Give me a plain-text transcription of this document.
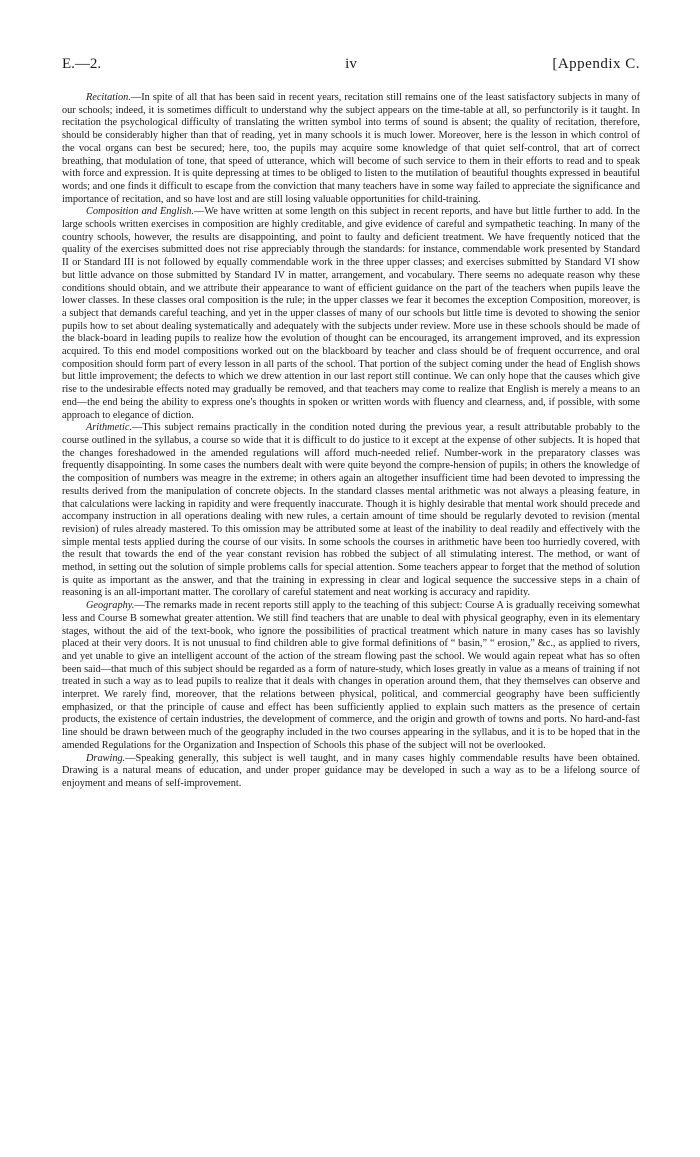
E.—2.	iv	[Appendix C.

Recitation.—In spite of all that has been said in recent years, recitation still remains one of the least satisfactory subjects in many of our schools; indeed, it is sometimes difficult to understand why the subject appears on the time-table at all, so perfunctorily is it taught. In recitation the psychological difficulty of translating the written symbol into terms of sound is absent; the quality of recitation, therefore, should be considerably higher than that of reading, yet in many schools it is much lower. Moreover, here is the lesson in which control of the vocal organs can best be secured; here, too, the pupils may acquire some knowledge of that quiet self-control, that art of correct breathing, that modulation of tone, that speed of utterance, which will become of such service to them in their efforts to read and to speak with force and expression. It is quite depressing at times to be obliged to listen to the mutilation of beautiful thoughts expressed in beautiful words; and one finds it difficult to escape from the conviction that many teachers have in some way failed to appreciate the significance and importance of recitation, and so have lost and are still losing valuable opportunities for child-training.

Composition and English.—We have written at some length on this subject in recent reports, and have but little further to add. In the large schools written exercises in composition are highly creditable, and give evidence of careful and sympathetic teaching. In many of the country schools, however, the results are disappointing, and point to faulty and deficient treatment. We have frequently noticed that the quality of the exercises submitted does not rise appreciably through the standards: for instance, commendable work presented by Standard II or Standard III is not followed by equally commendable work in the three upper classes; and exercises submitted by Standard VI show but little advance on those submitted by Standard IV in matter, arrangement, and vocabulary. There seems no adequate reason why these conditions should obtain, and we attribute their appearance to want of efficient guidance on the part of the teachers when pupils leave the lower classes. In these classes oral composition is the rule; in the upper classes we fear it becomes the exception Composition, moreover, is a subject that demands careful teaching, and yet in the upper classes of many of our schools but little time is devoted to showing the senior pupils how to set about dealing systematically and adequately with the subjects under review. More use in these schools should be made of the black-board in leading pupils to realize how the evolution of thought can be encouraged, its arrangement improved, and its expression acquired. To this end model compositions worked out on the blackboard by teacher and class should be of frequent occurrence, and oral composition should form part of every lesson in all parts of the school. That portion of the subject coming under the head of English shows but little improvement; the defects to which we drew attention in our last report still continue. We can only hope that the causes which give rise to the undesirable effects noted may gradually be removed, and that teachers may come to realize that English is merely a means to an end—the end being the ability to express one's thoughts in spoken or written words with fluency and clearness, and, if possible, with some approach to elegance of diction.

Arithmetic.—This subject remains practically in the condition noted during the previous year, a result attributable probably to the course outlined in the syllabus, a course so wide that it is difficult to do justice to it except at the expense of other subjects. It is hoped that the changes foreshadowed in the amended regulations will afford much-needed relief. Number-work in the preparatory classes was frequently disappointing. In some cases the numbers dealt with were quite beyond the compre-hension of pupils; in others the knowledge of the composition of numbers was meagre in the extreme; in others again an altogether insufficient time had been devoted to impressing the results derived from the manipulation of concrete objects. In the standard classes mental arithmetic was not always a pleasing feature, in that calculations were lacking in rapidity and were frequently inaccurate. Though it is highly desirable that mental work should precede and accompany instruction in all operations dealing with new rules, a certain amount of time should be regularly devoted to revision (mental revision) of rules already mastered. To this omission may be attributed some at least of the inability to deal readily and effectively with the simple mental tests applied during the course of our visits. In some schools the courses in arithmetic have been too hurriedly covered, with the result that towards the end of the year constant revision has robbed the subject of all stimulating interest. The method, or want of method, in setting out the solution of simple problems calls for special attention. Some teachers appear to forget that the method of solution is quite as important as the answer, and that the training in expressing in clear and logical sequence the successive steps in a chain of reasoning is an all-important matter. The corollary of careful statement and neat working is accuracy and rapidity.

Geography.—The remarks made in recent reports still apply to the teaching of this subject: Course A is gradually receiving somewhat less and Course B somewhat greater attention. We still find teachers that are unable to deal with physical geography, even in its elementary stages, without the aid of the text-book, who ignore the possibilities of practical treatment which nature in many cases has so lavishly placed at their very doors. It is not unusual to find children able to give formal definitions of “ basin,” “ erosion,” &c., as applied to rivers, and yet unable to give an intelligent account of the action of the stream flowing past the school. We would again repeat what has so often been said—that much of this subject should be regarded as a form of nature-study, which loses greatly in value as a means of training if not treated in such a way as to lead pupils to realize that it deals with changes in operation around them, that they themselves can observe and interpret. We rarely find, moreover, that the relations between physical, political, and commercial geography have been sufficiently emphasized, or that the principle of cause and effect has been sufficiently applied to explain such matters as the presence of certain products, the existence of certain industries, the development of commerce, and the origin and growth of towns and ports. No hard-and-fast line should be drawn between much of the geography included in the two courses appearing in the syllabus, and it is to be hoped that in the amended Regulations for the Organization and Inspection of Schools this phase of the subject will not be overlooked.

Drawing.—Speaking generally, this subject is well taught, and in many cases highly commendable results have been obtained. Drawing is a natural means of education, and under proper guidance may be developed in such a way as to be a lifelong source of enjoyment and means of self-improvement.
